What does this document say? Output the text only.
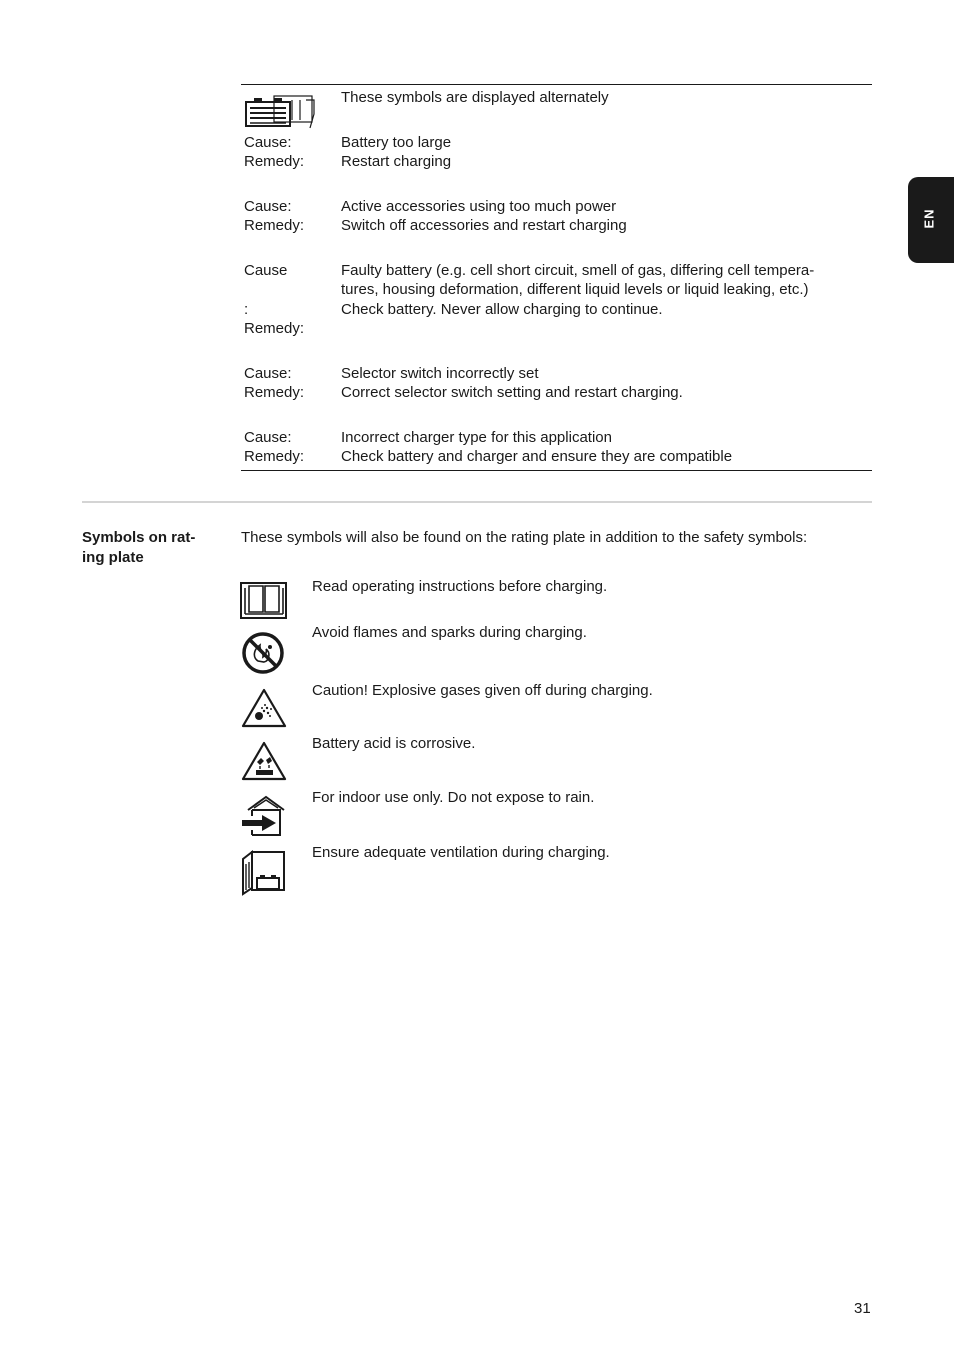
EN
These symbols are displayed alternately
Cause:
Remedy:
Battery too large
Restart charging
Cause:
Remedy:
Active accessories using too much power
Switch off accessories and restart charging
Cause
:
Remedy:
Faulty battery (e.g. cell short circuit, smell of gas, differing cell tempera-
tures, housing deformation, different liquid levels or liquid leaking, etc.)
Check battery. Never allow charging to continue.
Cause:
Remedy:
Selector switch incorrectly set
Correct selector switch setting and restart charging.
Cause:
Remedy:
Incorrect charger type for this application
Check battery and charger and ensure they are compatible
Symbols on rat-
ing plate
These symbols will also be found on the rating plate in addition to the safety symbols:
Read operating instructions before charging.
Avoid flames and sparks during charging.
Caution! Explosive gases given off during charging.
Battery acid is corrosive.
For indoor use only. Do not expose to rain.
Ensure adequate ventilation during charging.
31
